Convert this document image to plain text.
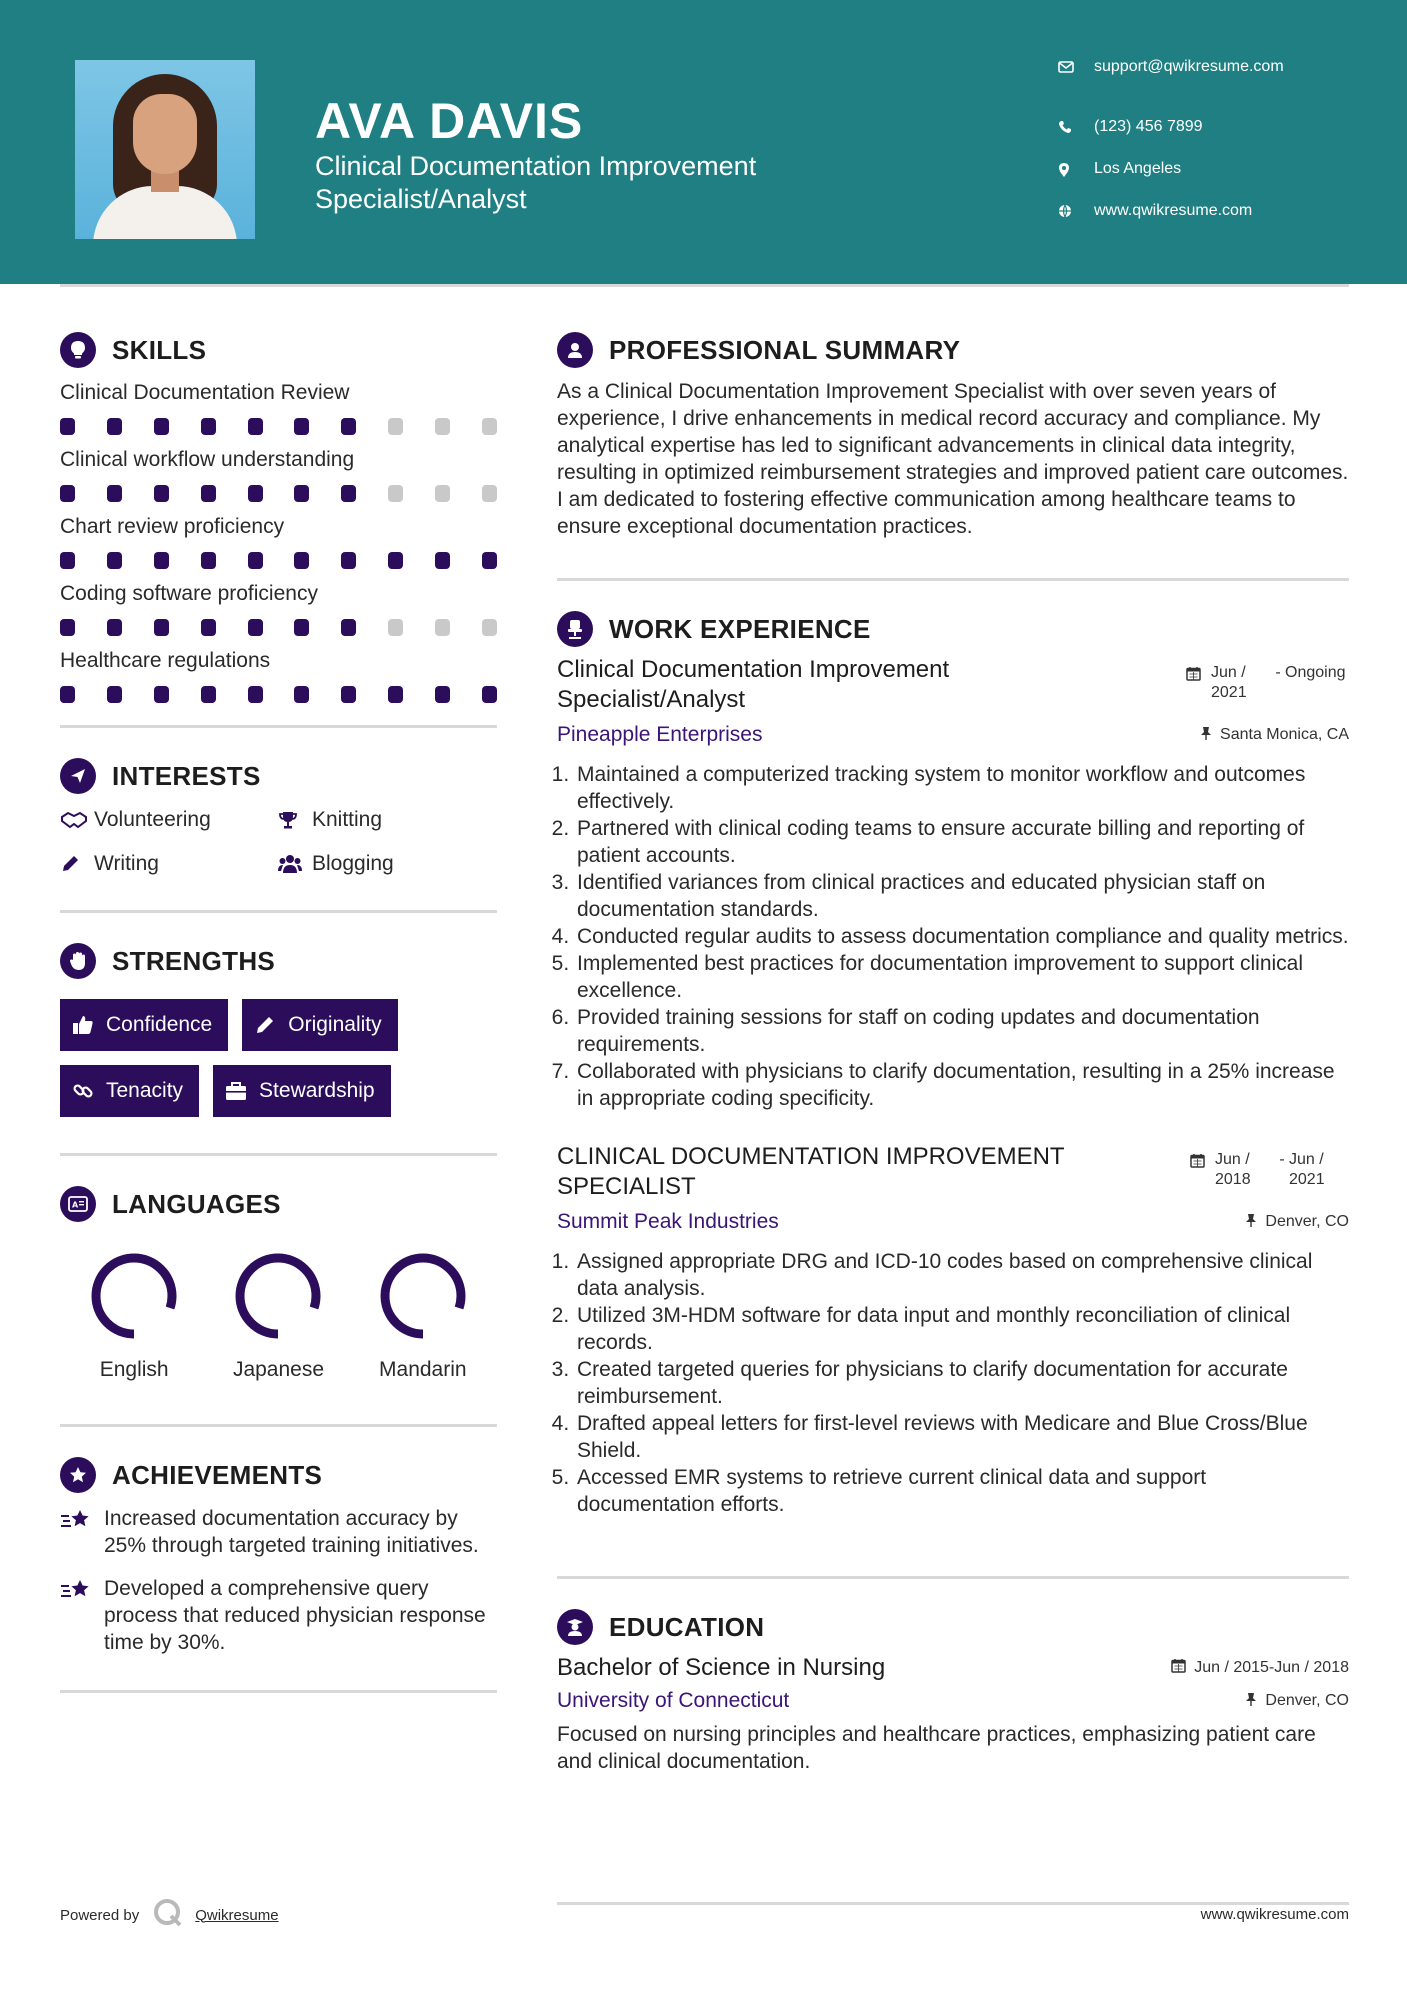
AVA DAVIS
Clinical Documentation Improvement Specialist/Analyst
support@qwikresume.com
(123) 456 7899
Los Angeles
www.qwikresume.com
SKILLS
Clinical Documentation Review
Clinical workflow understanding
Chart review proficiency
Coding software proficiency
Healthcare regulations
INTERESTS
Volunteering	Knitting
Writing	Blogging
STRENGTHS
Confidence	Originality
Tenacity	Stewardship
A LANGUAGES
English	Japanese	Mandarin
ACHIEVEMENTS
Increased documentation accuracy by 25% through targeted training initiatives.
Developed a comprehensive query process that reduced physician response time by 30%.
PROFESSIONAL SUMMARY

As a Clinical Documentation Improvement Specialist with over seven years of experience, I drive enhancements in medical record accuracy and compliance. My analytical expertise has led to significant advancements in clinical data integrity, resulting in optimized reimbursement strategies and improved patient care outcomes. I am dedicated to fostering effective communication among healthcare teams to ensure exceptional documentation practices.

WORK EXPERIENCE
Clinical Documentation Improvement Specialist/Analyst
Jun / 2021
- Ongoing
Pineapple Enterprises	Santa Monica, CA
1. Maintained a computerized tracking system to monitor workflow and outcomes effectively.
2. Partnered with clinical coding teams to ensure accurate billing and reporting of patient accounts.
3. Identified variances from clinical practices and educated physician staff on documentation standards.
4. Conducted regular audits to assess documentation compliance and quality metrics.
5. Implemented best practices for documentation improvement to support clinical excellence.
6. Provided training sessions for staff on coding updates and documentation requirements.
7. Collaborated with physicians to clarify documentation, resulting in a 25% increase in appropriate coding specificity.
CLINICAL DOCUMENTATION IMPROVEMENT SPECIALIST
Jun / 2018
- Jun / 2021
Summit Peak Industries	Denver, CO
1. Assigned appropriate DRG and ICD-10 codes based on comprehensive clinical data analysis.
2. Utilized 3M-HDM software for data input and monthly reconciliation of clinical records.
3. Created targeted queries for physicians to clarify documentation for accurate reimbursement.
4. Drafted appeal letters for first-level reviews with Medicare and Blue Cross/Blue Shield.
5. Accessed EMR systems to retrieve current clinical data and support documentation efforts.
EDUCATION
Bachelor of Science in Nursing	Jun / 2015-Jun / 2018
University of Connecticut	Denver, CO

Focused on nursing principles and healthcare practices, emphasizing patient care and clinical documentation.

Powered by	Qwikresume	www.qwikresume.com
